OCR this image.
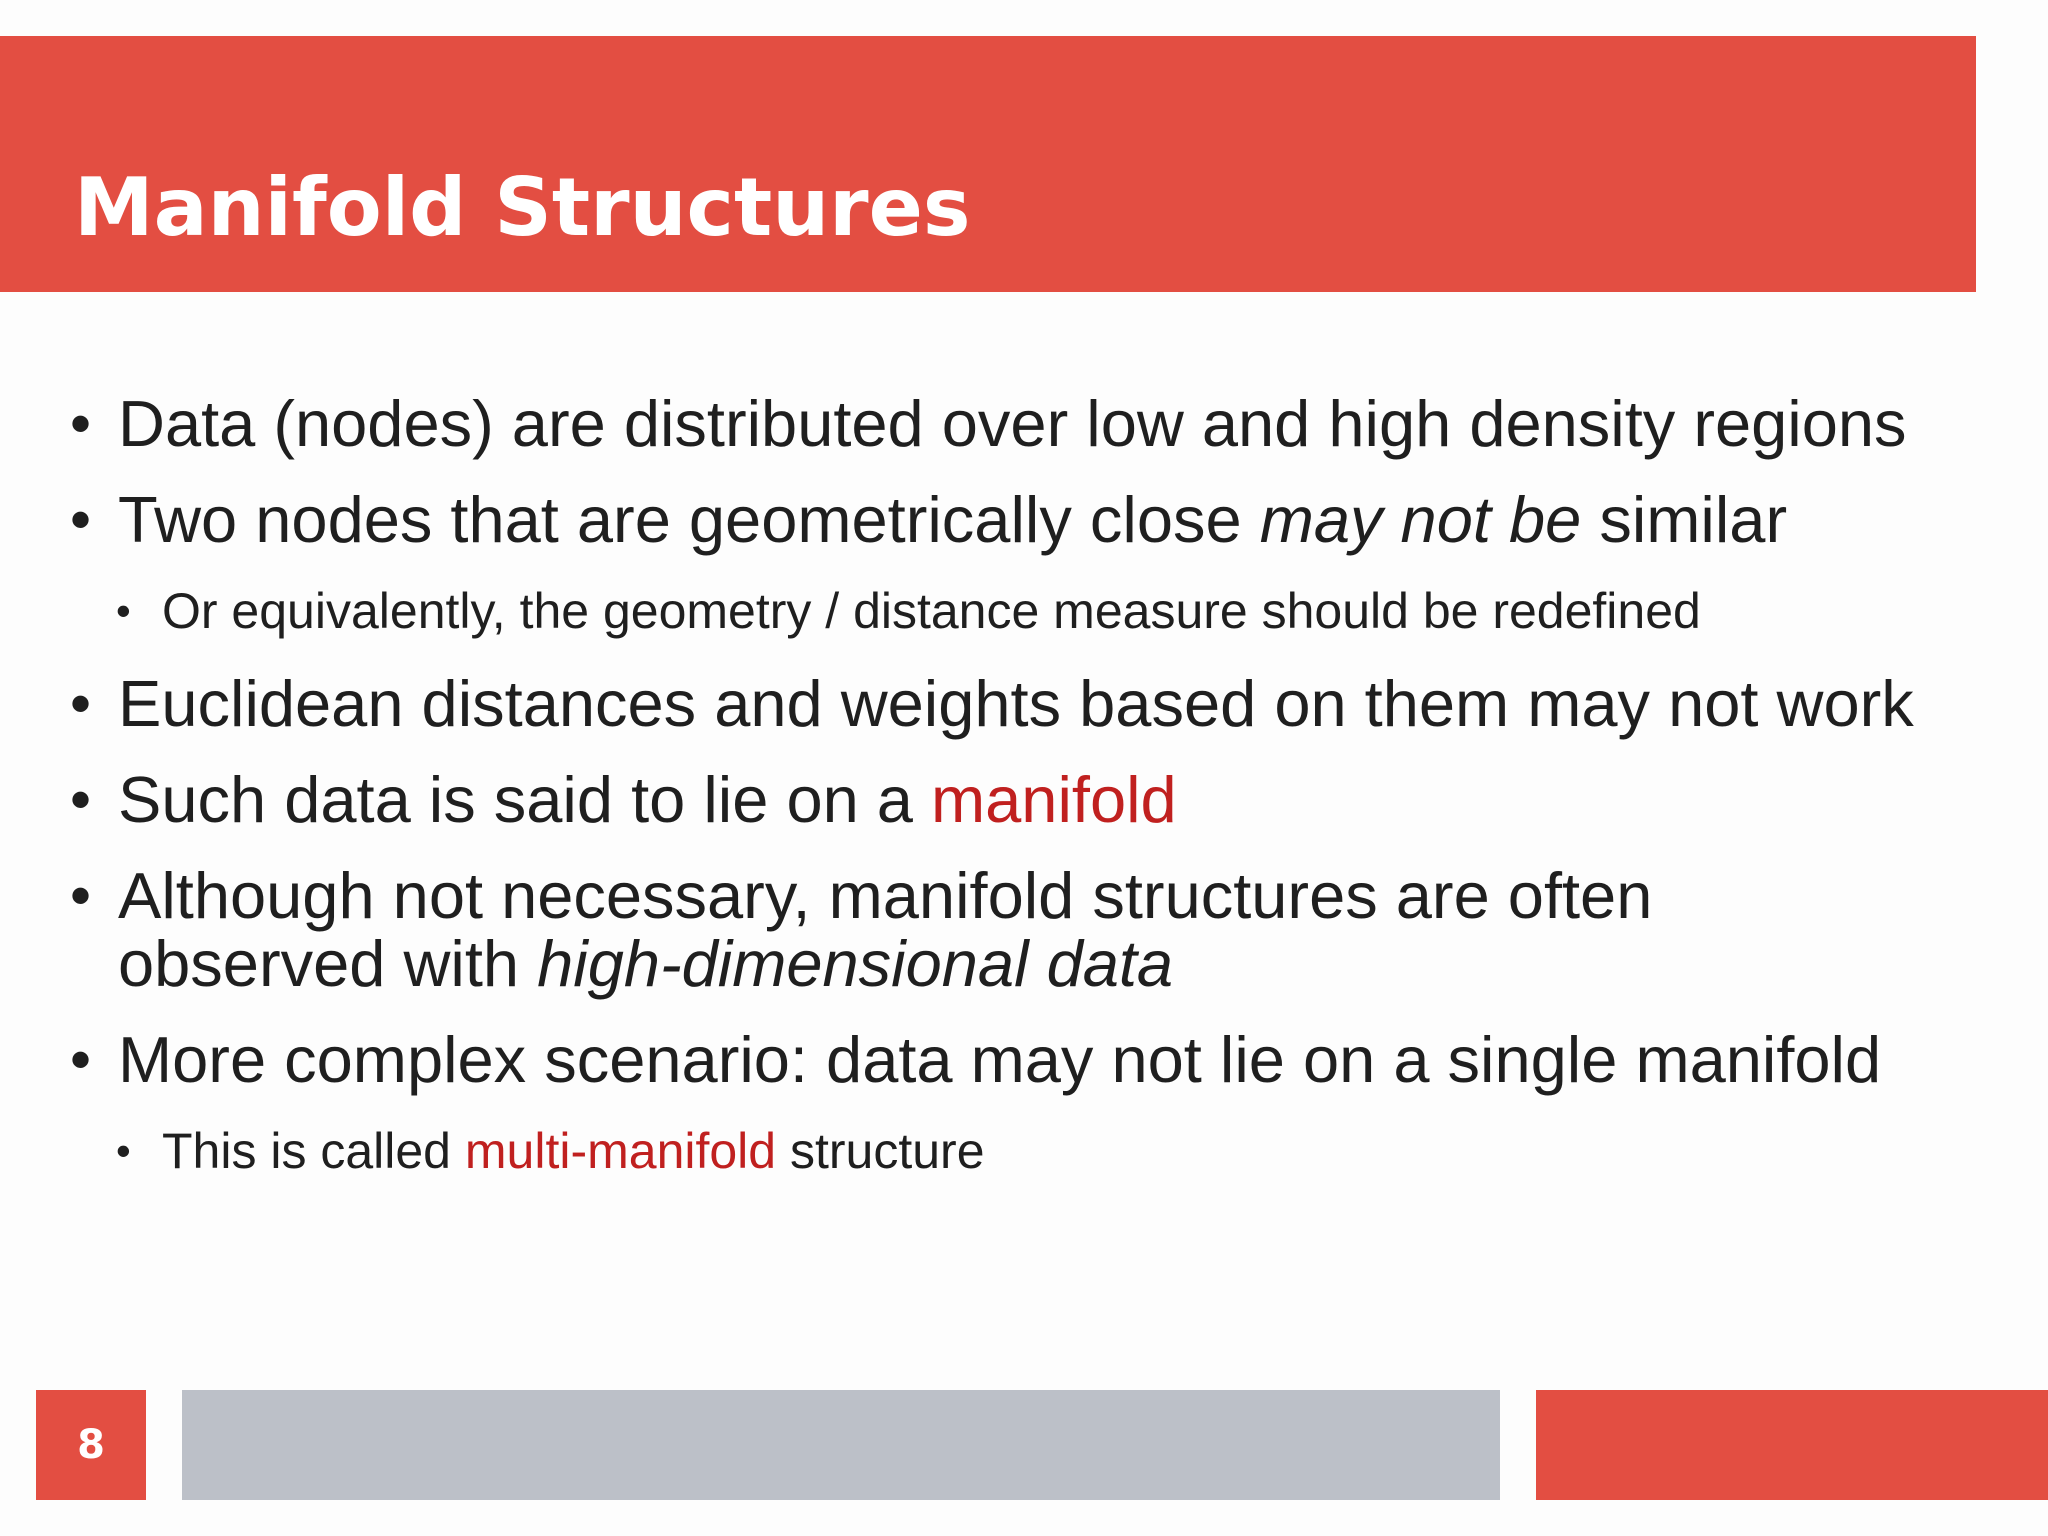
Manifold Structures

• Data (nodes) are distributed over low and high density regions

• Two nodes that are geometrically close may not be similar

• Or equivalently, the geometry / distance measure should be redefined

• Euclidean distances and weights based on them may not work

• Such data is said to lie on a manifold

• Although not necessary, manifold structures are often
observed with high-dimensional data

• More complex scenario: data may not lie on a single manifold

• This is called multi-manifold structure

8
